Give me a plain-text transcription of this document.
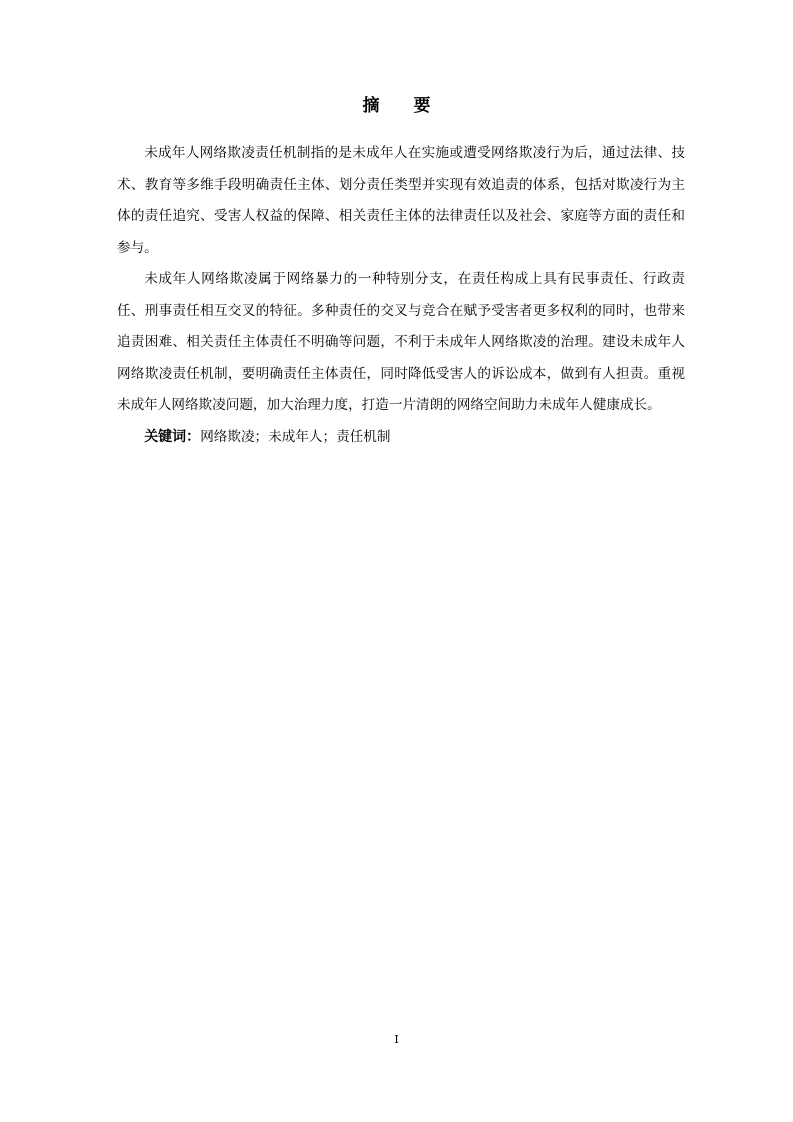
摘 要

未成年人网络欺凌责任机制指的是未成年人在实施或遭受网络欺凌行为后，通过法律、技术、教育等多维手段明确责任主体、划分责任类型并实现有效追责的体系，包括对欺凌行为主体的责任追究、受害人权益的保障、相关责任主体的法律责任以及社会、家庭等方面的责任和参与。

未成年人网络欺凌属于网络暴力的一种特别分支，在责任构成上具有民事责任、行政责任、刑事责任相互交叉的特征。多种责任的交叉与竞合在赋予受害者更多权利的同时，也带来追责困难、相关责任主体责任不明确等问题，不利于未成年人网络欺凌的治理。建设未成年人网络欺凌责任机制，要明确责任主体责任，同时降低受害人的诉讼成本，做到有人担责。重视未成年人网络欺凌问题，加大治理力度，打造一片清朗的网络空间助力未成年人健康成长。

关键词：网络欺凌；未成年人；责任机制

I
